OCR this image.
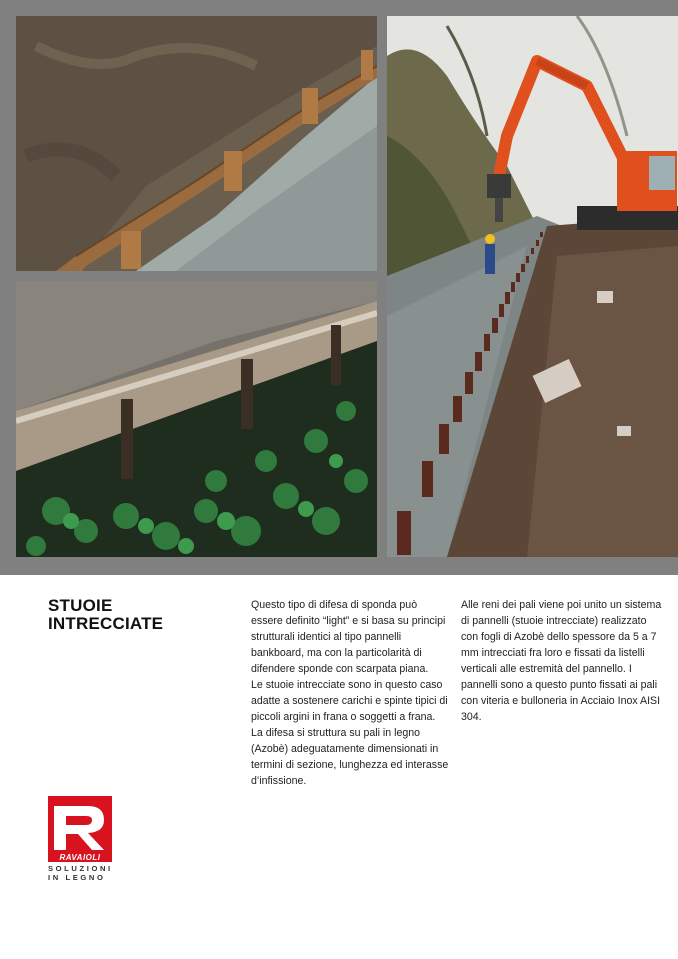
STUOIE
INTRECCIATE

Questo tipo di difesa di sponda può essere definito “light” e si basa su principi strutturali identici al tipo pannelli bankboard, ma con la particolarità di difendere sponde con scarpata piana.

Le stuoie intrecciate sono in questo caso adatte a sostenere carichi e spinte tipici di piccoli argini in frana o soggetti a frana.

La difesa si struttura su pali in legno (Azobè) adeguatamente dimensionati in termini di sezione, lunghezza ed interasse d’infissione.

Alle reni dei pali viene poi unito un sistema di pannelli (stuoie intrecciate) realizzato con fogli di Azobè dello spessore da 5 a 7 mm intrecciati fra loro e fissati da listelli verticali alle estremità del pannello. I pannelli sono a questo punto fissati ai pali con viteria e bulloneria in Acciaio Inox AISI 304.

RAVAIOLI
SOLUZIONI
IN LEGNO
